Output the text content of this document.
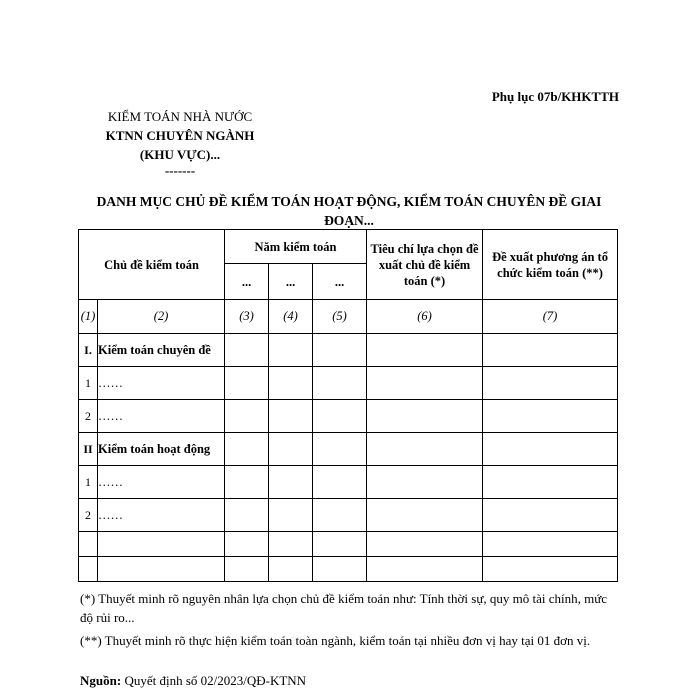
Phụ lục 07b/KHKTTH
KIỂM TOÁN NHÀ NƯỚC
KTNN CHUYÊN NGÀNH
(KHU VỰC)...
-------
DANH MỤC CHỦ ĐỀ KIỂM TOÁN HOẠT ĐỘNG, KIỂM TOÁN CHUYÊN ĐỀ GIAI ĐOẠN...
Chủ đề kiểm toán		Năm kiểm toán			Tiêu chí lựa chọn đề xuất chủ đề kiểm toán (*)	Đề xuất phương án tổ chức kiểm toán (**)
		...	...	...		
(1)	(2)	(3)	(4)	(5)	(6)	(7)
I.	Kiểm toán chuyên đề					
1	……					
2	……					
II	Kiểm toán hoạt động					
1	……					
2	……					

(*) Thuyết minh rõ nguyên nhân lựa chọn chủ đề kiểm toán như: Tính thời sự, quy mô tài chính, mức độ rủi ro...
(**) Thuyết minh rõ thực hiện kiểm toán toàn ngành, kiểm toán tại nhiều đơn vị hay tại 01 đơn vị.
Nguồn: Quyết định số 02/2023/QĐ-KTNN
